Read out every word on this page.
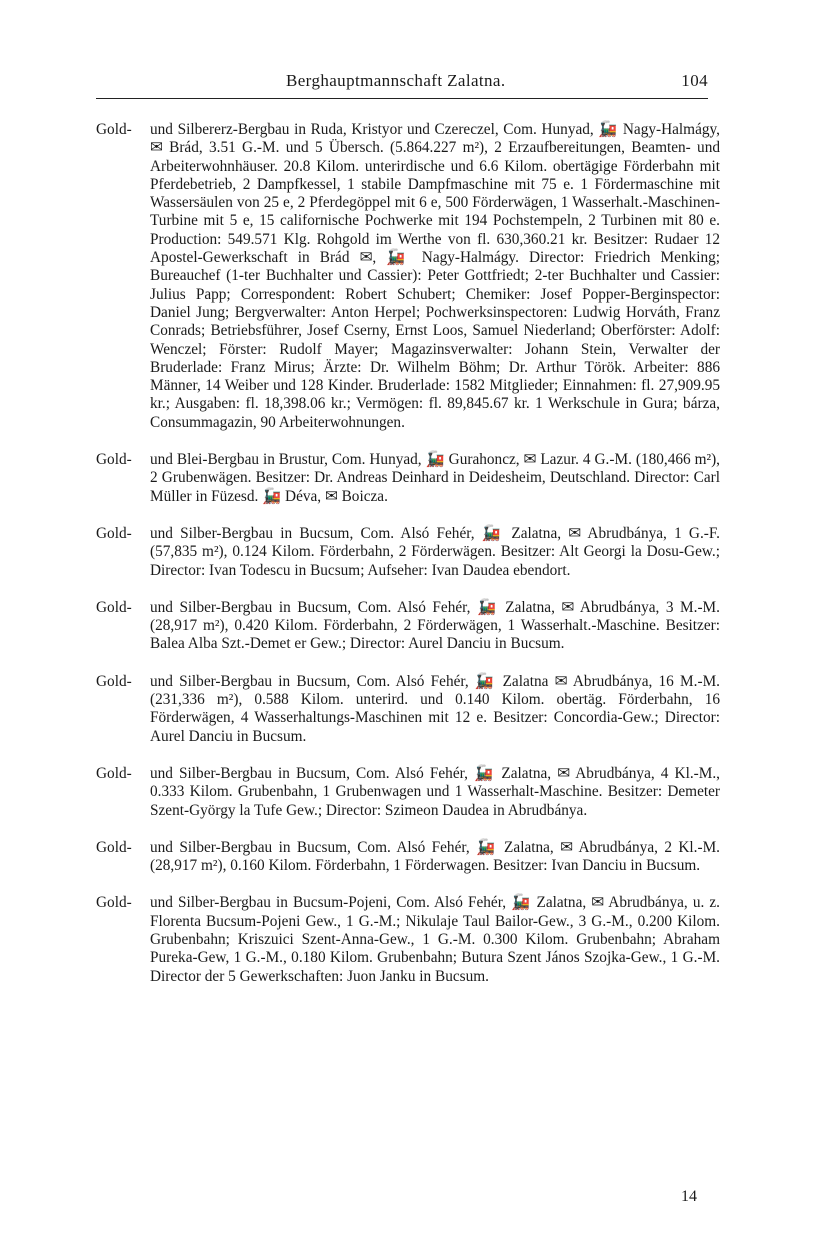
Berghauptmannschaft Zalatna.	104
Gold- und Silbererz-Bergbau in Ruda, Kristyor und Czereczel, Com. Hunyad, 🚂 Nagy-Halmágy, ✉ Brád, 3.51 G.-M. und 5 Übersch. (5.864.227 m²), 2 Erzaufbereitungen, Beamten- und Arbeiterwohnhäuser. 20.8 Kilom. unterirdische und 6.6 Kilom. obertägige Förderbahn mit Pferdebetrieb, 2 Dampfkessel, 1 stabile Dampfmaschine mit 75 e. 1 Fördermaschine mit Wassersäulen von 25 e, 2 Pferdegöppel mit 6 e, 500 Förderwägen, 1 Wasserhalt.-Maschinen-Turbine mit 5 e, 15 californische Pochwerke mit 194 Pochstempeln, 2 Turbinen mit 80 e. Production: 549.571 Klg. Rohgold im Werthe von fl. 630,360.21 kr. Besitzer: Rudaer 12 Apostel-Gewerkschaft in Brád ✉, 🚂 Nagy-Halmágy. Director: Friedrich Menking; Bureauchef (1-ter Buchhalter und Cassier): Peter Gottfriedt; 2-ter Buchhalter und Cassier: Julius Papp; Correspondent: Robert Schubert; Chemiker: Josef Popper-Berginspector: Daniel Jung; Bergverwalter: Anton Herpel; Pochwerksinspectoren: Ludwig Horváth, Franz Conrads; Betriebsführer, Josef Cserny, Ernst Loos, Samuel Niederland; Oberförster: Adolf: Wenczel; Förster: Rudolf Mayer; Magazinsverwalter: Johann Stein, Verwalter der Bruderlade: Franz Mirus; Ärzte: Dr. Wilhelm Böhm; Dr. Arthur Török. Arbeiter: 886 Männer, 14 Weiber und 128 Kinder. Bruderlade: 1582 Mitglieder; Einnahmen: fl. 27,909.95 kr.; Ausgaben: fl. 18,398.06 kr.; Vermögen: fl. 89,845.67 kr. 1 Werkschule in Gura; bárza, Consummagazin, 90 Arbeiterwohnungen.

Gold- und Blei-Bergbau in Brustur, Com. Hunyad, 🚂 Gurahoncz, ✉ Lazur. 4 G.-M. (180,466 m²), 2 Grubenwägen. Besitzer: Dr. Andreas Deinhard in Deidesheim, Deutschland. Director: Carl Müller in Füzesd. 🚂 Déva, ✉ Boicza.

Gold- und Silber-Bergbau in Bucsum, Com. Alsó Fehér, 🚂 Zalatna, ✉ Abrudbánya, 1 G.-F. (57,835 m²), 0.124 Kilom. Förderbahn, 2 Förderwägen. Besitzer: Alt Georgi la Dosu-Gew.; Director: Ivan Todescu in Bucsum; Aufseher: Ivan Daudea ebendort.

Gold- und Silber-Bergbau in Bucsum, Com. Alsó Fehér, 🚂 Zalatna, ✉ Abrudbánya, 3 M.-M. (28,917 m²), 0.420 Kilom. Förderbahn, 2 Förderwägen, 1 Wasserhalt.-Maschine. Besitzer: Balea Alba Szt.-Demet er Gew.; Director: Aurel Danciu in Bucsum.

Gold- und Silber-Bergbau in Bucsum, Com. Alsó Fehér, 🚂 Zalatna ✉ Abrudbánya, 16 M.-M. (231,336 m²), 0.588 Kilom. unterird. und 0.140 Kilom. obertäg. Förderbahn, 16 Förderwägen, 4 Wasserhaltungs-Maschinen mit 12 e. Besitzer: Concordia-Gew.; Director: Aurel Danciu in Bucsum.

Gold- und Silber-Bergbau in Bucsum, Com. Alsó Fehér, 🚂 Zalatna, ✉ Abrudbánya, 4 Kl.-M., 0.333 Kilom. Grubenbahn, 1 Grubenwagen und 1 Wasserhalt-Maschine. Besitzer: Demeter Szent-György la Tufe Gew.; Director: Szimeon Daudea in Abrudbánya.

Gold- und Silber-Bergbau in Bucsum, Com. Alsó Fehér, 🚂 Zalatna, ✉ Abrudbánya, 2 Kl.-M. (28,917 m²), 0.160 Kilom. Förderbahn, 1 Förderwagen. Besitzer: Ivan Danciu in Bucsum.

Gold- und Silber-Bergbau in Bucsum-Pojeni, Com. Alsó Fehér, 🚂 Zalatna, ✉ Abrudbánya, u. z. Florenta Bucsum-Pojeni Gew., 1 G.-M.; Nikulaje Taul Bailor-Gew., 3 G.-M., 0.200 Kilom. Grubenbahn; Kriszuici Szent-Anna-Gew., 1 G.-M. 0.300 Kilom. Grubenbahn; Abraham Pureka-Gew, 1 G.-M., 0.180 Kilom. Grubenbahn; Butura Szent János Szojka-Gew., 1 G.-M. Director der 5 Gewerkschaften: Juon Janku in Bucsum.

14
